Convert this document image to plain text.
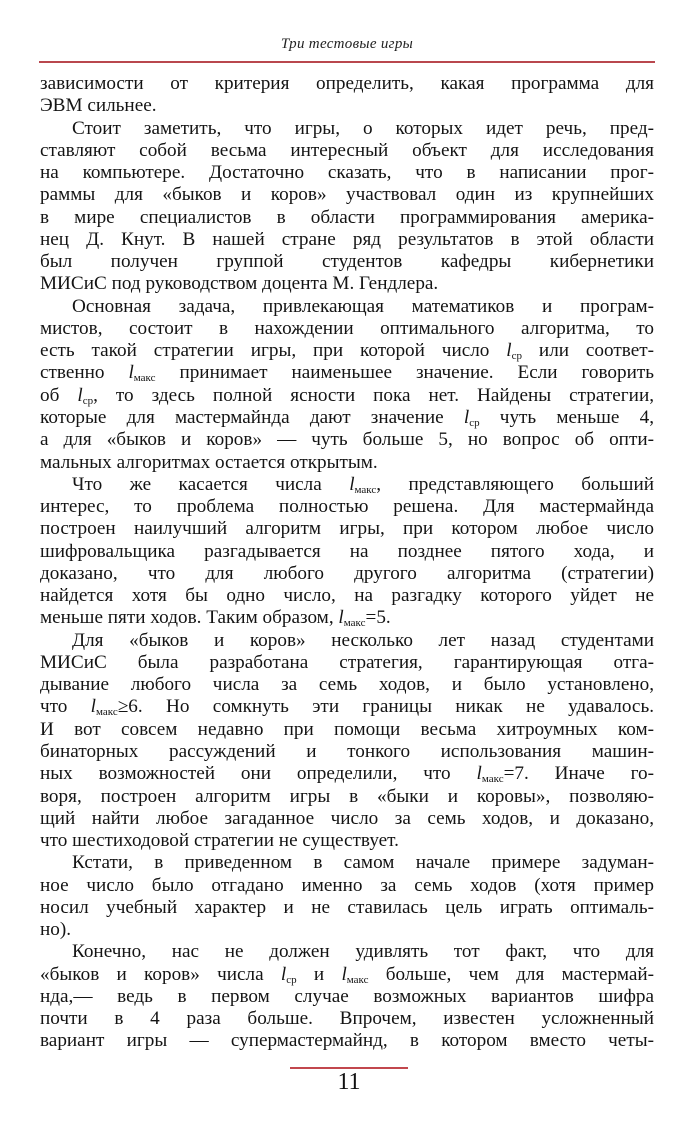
Три тестовые игры
зависимости от критерия определить, какая программа для
ЭВМ сильнее.
Стоит заметить, что игры, о которых идет речь, пред-
ставляют собой весьма интересный объект для исследования
на компьютере. Достаточно сказать, что в написании прог-
раммы для «быков и коров» участвовал один из крупнейших
в мире специалистов в области программирования америка-
нец Д. Кнут. В нашей стране ряд результатов в этой области
был получен группой студентов кафедры кибернетики
МИСиС под руководством доцента М. Гендлера.
Основная задача, привлекающая математиков и програм-
мистов, состоит в нахождении оптимального алгоритма, то
есть такой стратегии игры, при которой число $l_{ср}$ или соответ-
ственно $l_{макс}$ принимает наименьшее значение. Если говорить
об $l_{ср}$, то здесь полной ясности пока нет. Найдены стратегии,
которые для мастермайнда дают значение $l_{ср}$ чуть меньше 4,
а для «быков и коров» — чуть больше 5, но вопрос об опти-
мальных алгоритмах остается открытым.
Что же касается числа $l_{макс}$, представляющего больший
интерес, то проблема полностью решена. Для мастермайнда
построен наилучший алгоритм игры, при котором любое число
шифровальщика разгадывается на позднее пятого хода, и
доказано, что для любого другого алгоритма (стратегии)
найдется хотя бы одно число, на разгадку которого уйдет не
меньше пяти ходов. Таким образом, $l_{макс}=5$.
Для «быков и коров» несколько лет назад студентами
МИСиС была разработана стратегия, гарантирующая отга-
дывание любого числа за семь ходов, и было установлено,
что $l_{макс}\ge 6$. Но сомкнуть эти границы никак не удавалось.
И вот совсем недавно при помощи весьма хитроумных ком-
бинаторных рассуждений и тонкого использования машин-
ных возможностей они определили, что $l_{макс}=7$. Иначе го-
воря, построен алгоритм игры в «быки и коровы», позволяю-
щий найти любое загаданное число за семь ходов, и доказано,
что шестиходовой стратегии не существует.
Кстати, в приведенном в самом начале примере задуман-
ное число было отгадано именно за семь ходов (хотя пример
носил учебный характер и не ставилась цель играть оптималь-
но).
Конечно, нас не должен удивлять тот факт, что для
«быков и коров» числа $l_{ср}$ и $l_{макс}$ больше, чем для мастермай-
нда,— ведь в первом случае возможных вариантов шифра
почти в 4 раза больше. Впрочем, известен усложненный
вариант игры — супермастермайнд, в котором вместо четы-
11
